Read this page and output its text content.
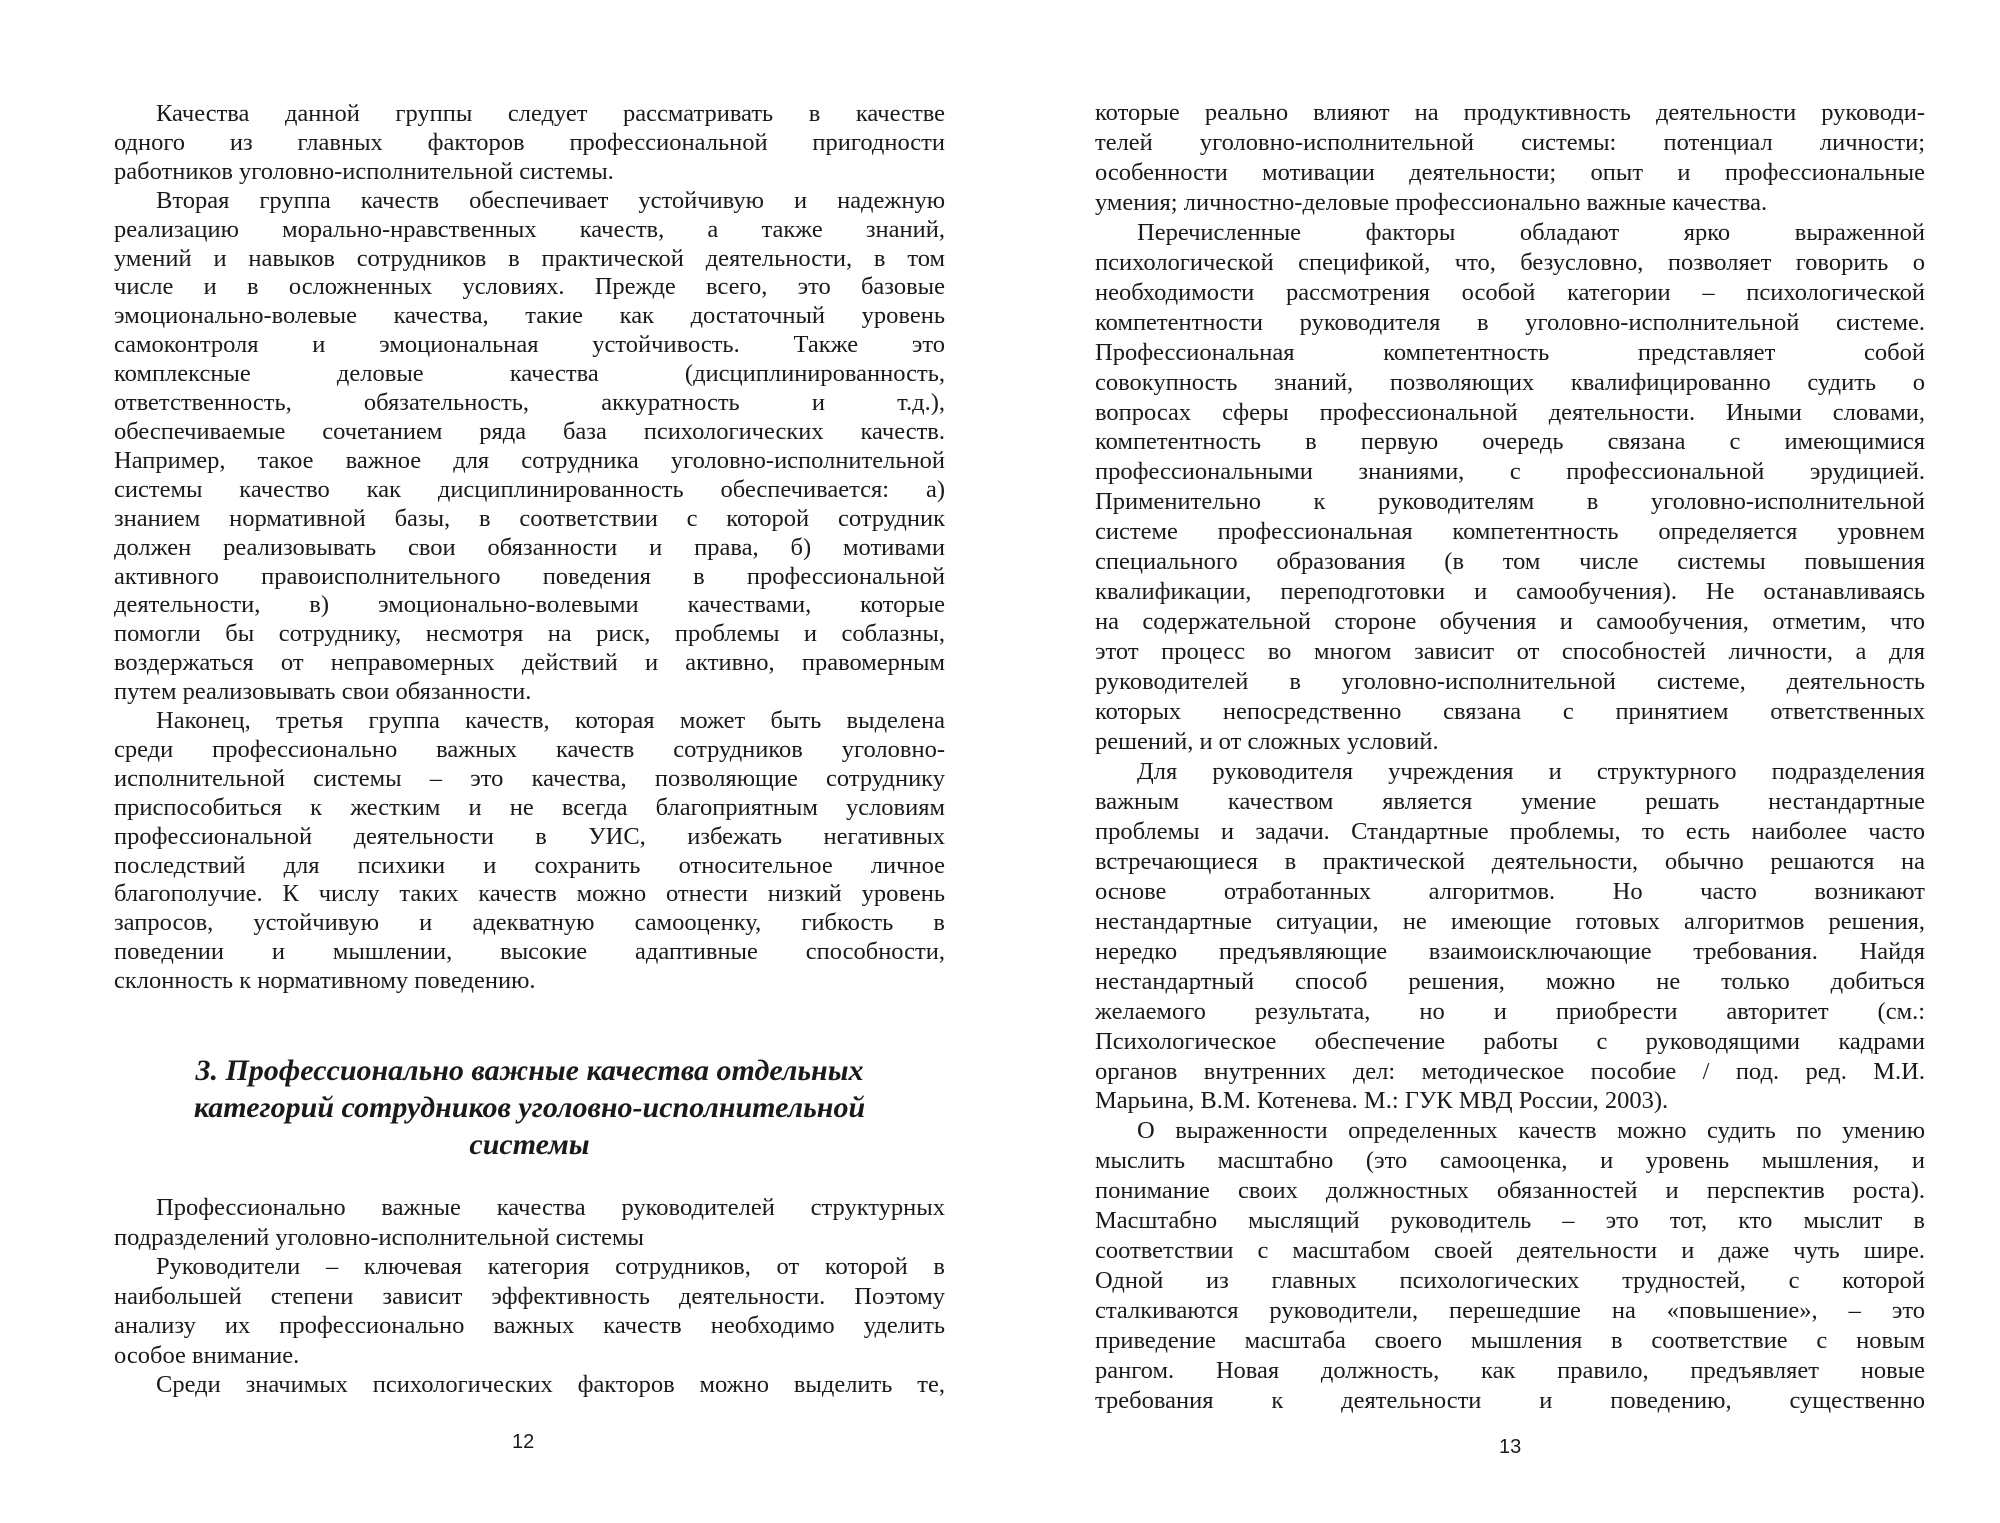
Качества данной группы следует рассматривать в качестве
одного из главных факторов профессиональной пригодности
работников уголовно-исполнительной системы.
Вторая группа качеств обеспечивает устойчивую и надежную
реализацию морально-нравственных качеств, а также знаний,
умений и навыков сотрудников в практической деятельности, в том
числе и в осложненных условиях. Прежде всего, это базовые
эмоционально-волевые качества, такие как достаточный уровень
самоконтроля и эмоциональная устойчивость. Также это
комплексные деловые качества (дисциплинированность,
ответственность, обязательность, аккуратность и т.д.),
обеспечиваемые сочетанием ряда база психологических качеств.
Например, такое важное для сотрудника уголовно-исполнительной
системы качество как дисциплинированность обеспечивается: а)
знанием нормативной базы, в соответствии с которой сотрудник
должен реализовывать свои обязанности и права, б) мотивами
активного правоисполнительного поведения в профессиональной
деятельности, в) эмоционально-волевыми качествами, которые
помогли бы сотруднику, несмотря на риск, проблемы и соблазны,
воздержаться от неправомерных действий и активно, правомерным
путем реализовывать свои обязанности.
Наконец, третья группа качеств, которая может быть выделена
среди профессионально важных качеств сотрудников уголовно-
исполнительной системы – это качества, позволяющие сотруднику
приспособиться к жестким и не всегда благоприятным условиям
профессиональной деятельности в УИС, избежать негативных
последствий для психики и сохранить относительное личное
благополучие. К числу таких качеств можно отнести низкий уровень
запросов, устойчивую и адекватную самооценку, гибкость в
поведении и мышлении, высокие адаптивные способности,
склонность к нормативному поведению.
3. Профессионально важные качества отдельных
категорий сотрудников уголовно-исполнительной
системы
Профессионально важные качества руководителей структурных
подразделений уголовно-исполнительной системы
Руководители – ключевая категория сотрудников, от которой в
наибольшей степени зависит эффективность деятельности. Поэтому
анализу их профессионально важных качеств необходимо уделить
особое внимание.
Среди значимых психологических факторов можно выделить те,
12
которые реально влияют на продуктивность деятельности руководи-
телей уголовно-исполнительной системы: потенциал личности;
особенности мотивации деятельности; опыт и профессиональные
умения; личностно-деловые профессионально важные качества.
Перечисленные факторы обладают ярко выраженной
психологической спецификой, что, безусловно, позволяет говорить о
необходимости рассмотрения особой категории – психологической
компетентности руководителя в уголовно-исполнительной системе.
Профессиональная компетентность представляет собой
совокупность знаний, позволяющих квалифицированно судить о
вопросах сферы профессиональной деятельности. Иными словами,
компетентность в первую очередь связана с имеющимися
профессиональными знаниями, с профессиональной эрудицией.
Применительно к руководителям в уголовно-исполнительной
системе профессиональная компетентность определяется уровнем
специального образования (в том числе системы повышения
квалификации, переподготовки и самообучения). Не останавливаясь
на содержательной стороне обучения и самообучения, отметим, что
этот процесс во многом зависит от способностей личности, а для
руководителей в уголовно-исполнительной системе, деятельность
которых непосредственно связана с принятием ответственных
решений, и от сложных условий.
Для руководителя учреждения и структурного подразделения
важным качеством является умение решать нестандартные
проблемы и задачи. Стандартные проблемы, то есть наиболее часто
встречающиеся в практической деятельности, обычно решаются на
основе отработанных алгоритмов. Но часто возникают
нестандартные ситуации, не имеющие готовых алгоритмов решения,
нередко предъявляющие взаимоисключающие требования. Найдя
нестандартный способ решения, можно не только добиться
желаемого результата, но и приобрести авторитет (см.:
Психологическое обеспечение работы с руководящими кадрами
органов внутренних дел: методическое пособие / под. ред. М.И.
Марьина, В.М. Котенева. М.: ГУК МВД России, 2003).
О выраженности определенных качеств можно судить по умению
мыслить масштабно (это самооценка, и уровень мышления, и
понимание своих должностных обязанностей и перспектив роста).
Масштабно мыслящий руководитель – это тот, кто мыслит в
соответствии с масштабом своей деятельности и даже чуть шире.
Одной из главных психологических трудностей, с которой
сталкиваются руководители, перешедшие на «повышение», – это
приведение масштаба своего мышления в соответствие с новым
рангом. Новая должность, как правило, предъявляет новые
требования к деятельности и поведению, существенно
13
